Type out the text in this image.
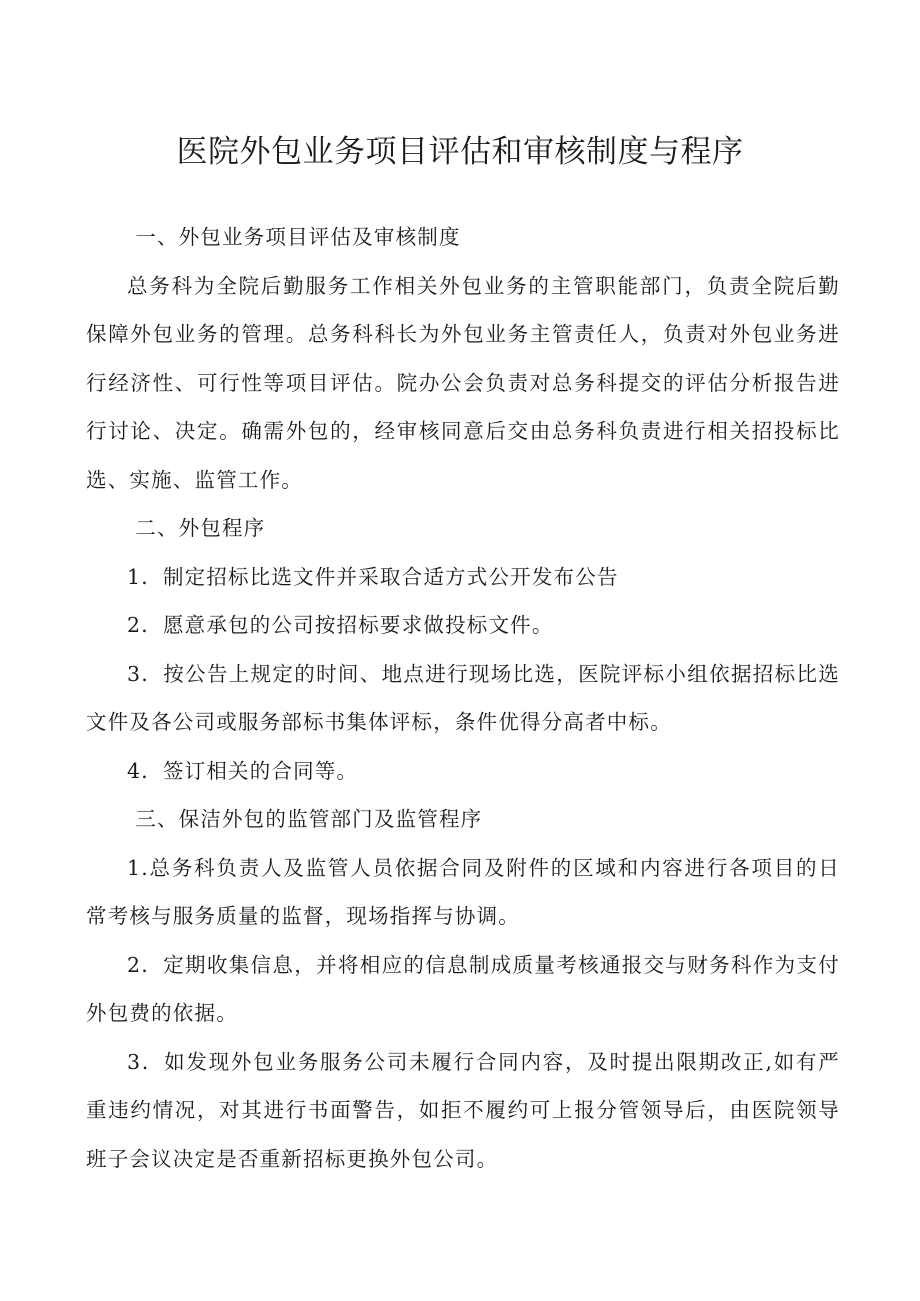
医院外包业务项目评估和审核制度与程序

一、外包业务项目评估及审核制度

总务科为全院后勤服务工作相关外包业务的主管职能部门，负责全院后勤保障外包业务的管理。总务科科长为外包业务主管责任人，负责对外包业务进行经济性、可行性等项目评估。院办公会负责对总务科提交的评估分析报告进行讨论、决定。确需外包的，经审核同意后交由总务科负责进行相关招投标比选、实施、监管工作。

二、外包程序

1．制定招标比选文件并采取合适方式公开发布公告

2．愿意承包的公司按招标要求做投标文件。

3．按公告上规定的时间、地点进行现场比选，医院评标小组依据招标比选文件及各公司或服务部标书集体评标，条件优得分高者中标。

4．签订相关的合同等。

三、保洁外包的监管部门及监管程序

1.总务科负责人及监管人员依据合同及附件的区域和内容进行各项目的日常考核与服务质量的监督，现场指挥与协调。

2．定期收集信息，并将相应的信息制成质量考核通报交与财务科作为支付外包费的依据。

3．如发现外包业务服务公司未履行合同内容，及时提出限期改正,如有严重违约情况，对其进行书面警告，如拒不履约可上报分管领导后，由医院领导班子会议决定是否重新招标更换外包公司。
